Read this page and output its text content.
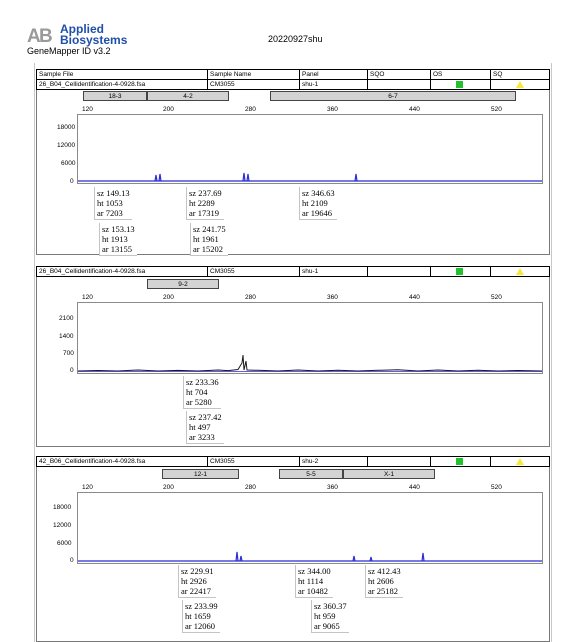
A
B Applied
Biosystems
GeneMapper ID v3.2
20220927shu
Sample File	Sample Name	Panel	SQO	OS	SQ
26_B04_Cellidentification-4-0928.fsa	CM3055	shu-1
18-3	4-2	6-7
120	200	280	360	440	520
18000
12000
6000
0
sz 149.13
ht 1053
ar 7203
sz 153.13
ht 1913
ar 13155
sz 237.69
ht 2289
ar 17319
sz 241.75
ht 1961
ar 15202
sz 346.63
ht 2109
ar 19646
26_B04_Cellidentification-4-0928.fsa	CM3055	shu-1
9-2
120	200	280	360	440	520
2100
1400
700
0
sz 233.36
ht 704
ar 5280
sz 237.42
ht 497
ar 3233
42_B06_Cellidentification-4-0928.fsa	CM3055	shu-2
12-1	5-5	X-1
120	200	280	360	440	520
18000
12000
6000
0
sz 229.91
ht 2926
ar 22417
sz 233.99
ht 1659
ar 12060
sz 344.00
ht 1114
ar 10482
sz 360.37
ht 959
ar 9065
sz 412.43
ht 2606
ar 25182
